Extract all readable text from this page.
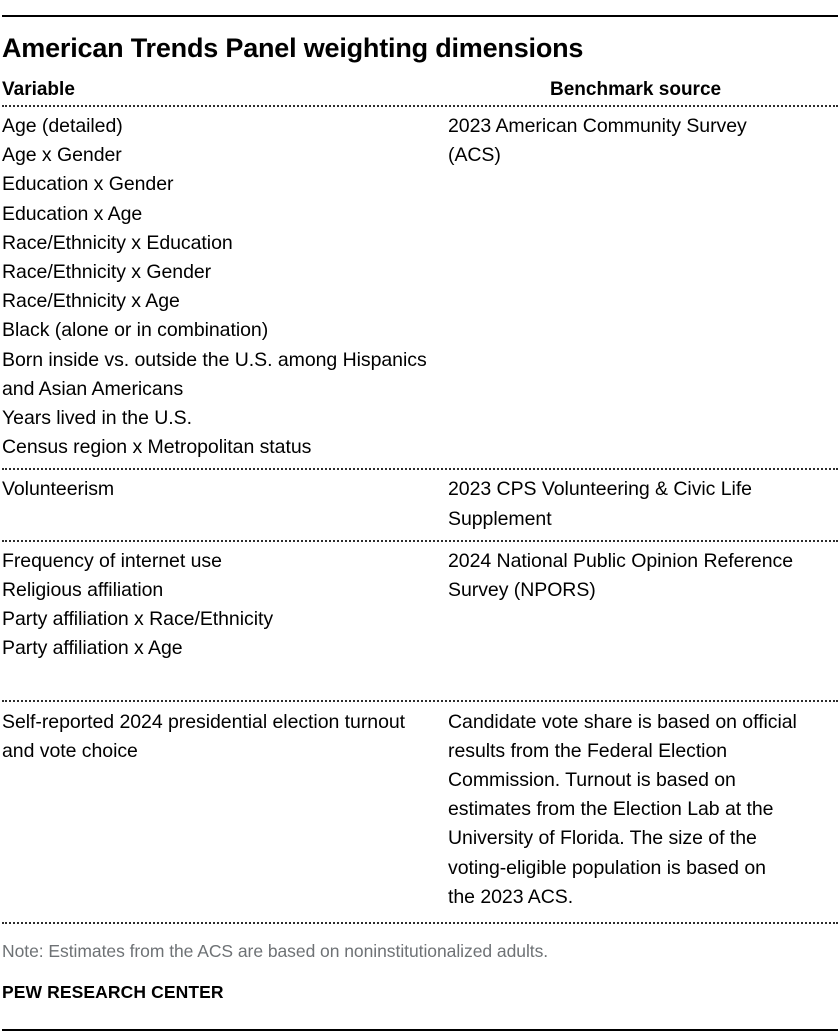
American Trends Panel weighting dimensions
Variable	Benchmark source
Age (detailed)
Age x Gender
Education x Gender
Education x Age
Race/Ethnicity x Education
Race/Ethnicity x Gender
Race/Ethnicity x Age
Black (alone or in combination)
Born inside vs. outside the U.S. among Hispanics and Asian Americans
Years lived in the U.S.
Census region x Metropolitan status
2023 American Community Survey (ACS)
Volunteerism	2023 CPS Volunteering & Civic Life Supplement
Frequency of internet use
Religious affiliation
Party affiliation x Race/Ethnicity
Party affiliation x Age
2024 National Public Opinion Reference Survey (NPORS)
Self-reported 2024 presidential election turnout and vote choice
Candidate vote share is based on official results from the Federal Election Commission. Turnout is based on estimates from the Election Lab at the University of Florida. The size of the voting-eligible population is based on the 2023 ACS.
Note: Estimates from the ACS are based on noninstitutionalized adults.
PEW RESEARCH CENTER
